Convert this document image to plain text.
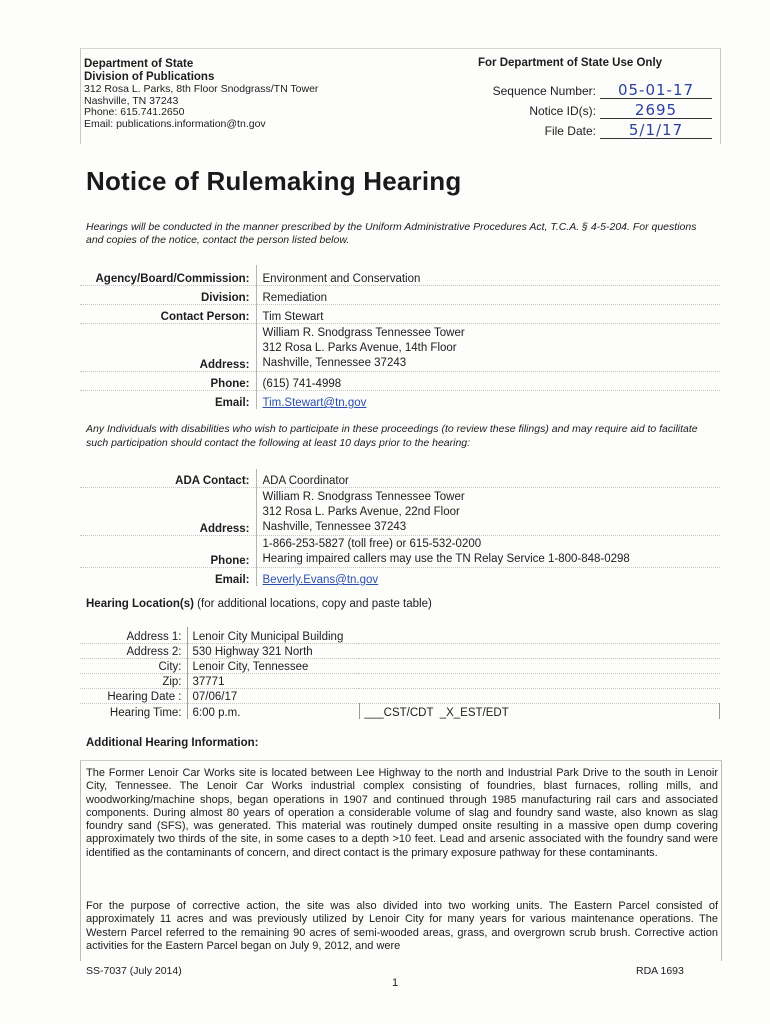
Department of State
Division of Publications
312 Rosa L. Parks, 8th Floor Snodgrass/TN Tower
Nashville, TN 37243
Phone: 615.741.2650
Email: publications.information@tn.gov
For Department of State Use Only
Sequence Number:	05-01-17
Notice ID(s):	2695
File Date:	5/1/17
Notice of Rulemaking Hearing
Hearings will be conducted in the manner prescribed by the Uniform Administrative Procedures Act, T.C.A. § 4-5-204. For questions and copies of the notice, contact the person listed below.
Agency/Board/Commission:	Environment and Conservation
Division:	Remediation
Contact Person:	Tim Stewart
Address:	William R. Snodgrass Tennessee Tower
312 Rosa L. Parks Avenue, 14th Floor
Nashville, Tennessee 37243

Phone:	(615) 741-4998
Email:	Tim.Stewart@tn.gov
Any Individuals with disabilities who wish to participate in these proceedings (to review these filings) and may require aid to facilitate such participation should contact the following at least 10 days prior to the hearing:
ADA Contact:	ADA Coordinator
Address:	William R. Snodgrass Tennessee Tower
312 Rosa L. Parks Avenue, 22nd Floor
Nashville, Tennessee 37243

Phone:	1-866-253-5827 (toll free) or 615-532-0200
Hearing impaired callers may use the TN Relay Service 1-800-848-0298

Email:	Beverly.Evans@tn.gov
Hearing Location(s) (for additional locations, copy and paste table)
Address 1:	Lenoir City Municipal Building	
Address 2:	530 Highway 321 North	
City:	Lenoir City, Tennessee	
Zip:	37771	
Hearing Date :	07/06/17	
Hearing Time:	6:00 p.m.	___CST/CDT  _X_EST/EDT
Additional Hearing Information:
The Former Lenoir Car Works site is located between Lee Highway to the north and Industrial Park Drive to the south in Lenoir City, Tennessee. The Lenoir Car Works industrial complex consisting of foundries, blast furnaces, rolling mills, and woodworking/machine shops, began operations in 1907 and continued through 1985 manufacturing rail cars and associated components. During almost 80 years of operation a considerable volume of slag and foundry sand waste, also known as slag foundry sand (SFS), was generated. This material was routinely dumped onsite resulting in a massive open dump covering approximately two thirds of the site, in some cases to a depth >10 feet. Lead and arsenic associated with the foundry sand were identified as the contaminants of concern, and direct contact is the primary exposure pathway for these contaminants.
For the purpose of corrective action, the site was also divided into two working units. The Eastern Parcel consisted of approximately 11 acres and was previously utilized by Lenoir City for many years for various maintenance operations. The Western Parcel referred to the remaining 90 acres of semi-wooded areas, grass, and overgrown scrub brush. Corrective action activities for the Eastern Parcel began on July 9, 2012, and were
SS-7037 (July 2014)	RDA 1693
1
